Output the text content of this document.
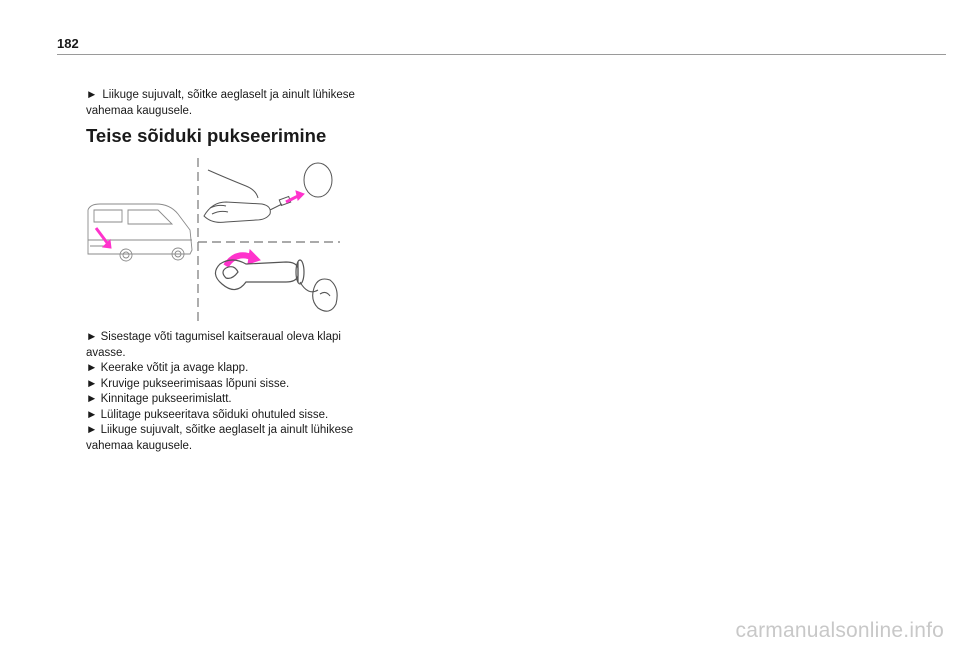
182

► Liikuge sujuvalt, sõitke aeglaselt ja ainult lühikese vahemaa kaugusele.

Teise sõiduki pukseerimine
► Sisestage võti tagumisel kaitseraual oleva klapi avasse.
► Keerake võtit ja avage klapp.
► Kruvige pukseerimisaas lõpuni sisse.
► Kinnitage pukseerimislatt.
► Lülitage pukseeritava sõiduki ohutuled sisse.
► Liikuge sujuvalt, sõitke aeglaselt ja ainult lühikese vahemaa kaugusele.
carmanualsonline.info
